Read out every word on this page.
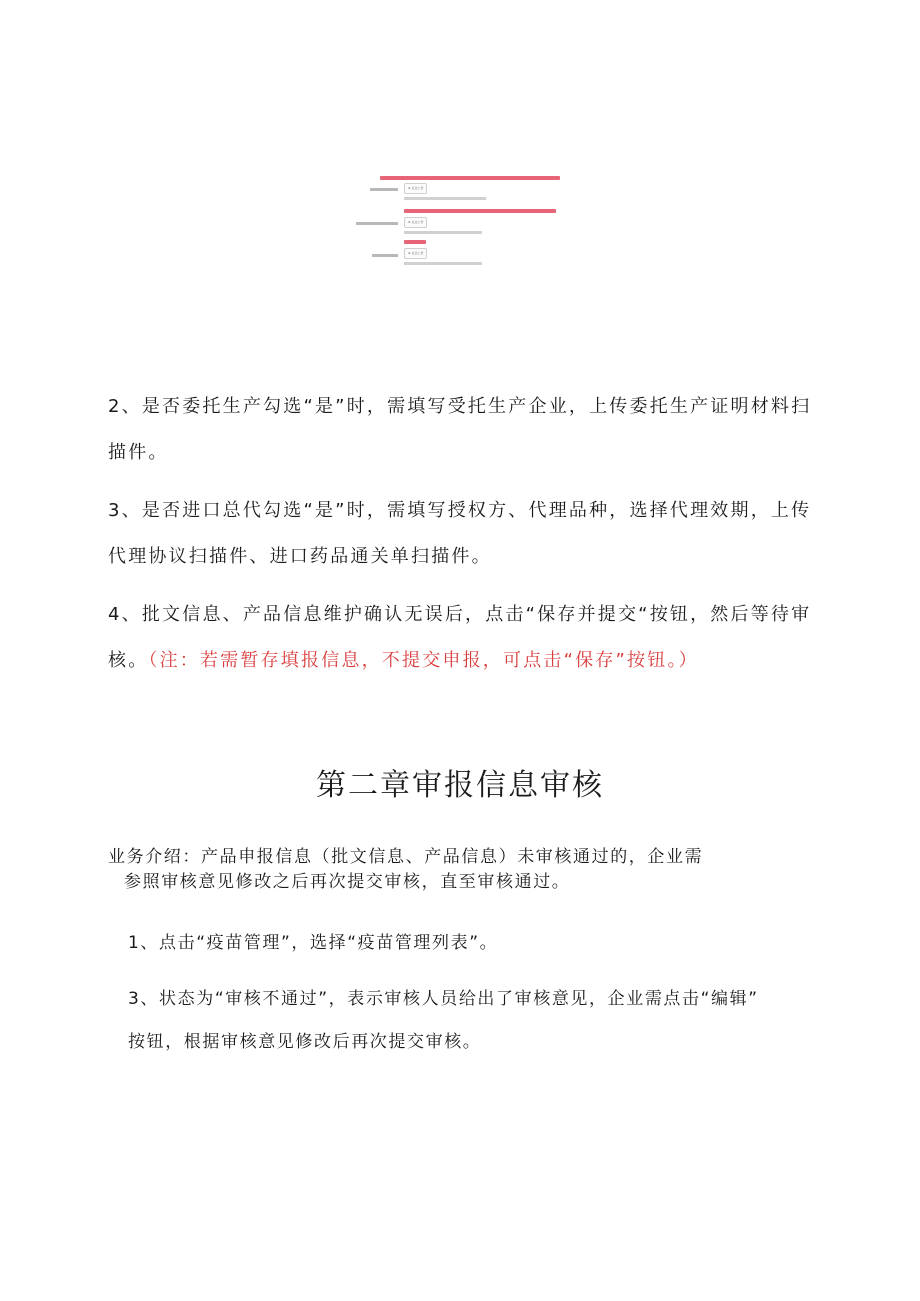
⊕ 点击上传
⊕ 点击上传
⊕ 点击上传
2、是否委托生产勾选“是”时，需填写受托生产企业，上传委托生产证明材料扫
描件。
3、是否进口总代勾选“是”时，需填写授权方、代理品种，选择代理效期，上传
代理协议扫描件、进口药品通关单扫描件。
4、批文信息、产品信息维护确认无误后，点击“保存并提交“按钮，然后等待审
核。（注：若需暂存填报信息，不提交申报，可点击“保存”按钮。）
第二章审报信息审核
业务介绍：产品申报信息（批文信息、产品信息）未审核通过的，企业需
参照审核意见修改之后再次提交审核，直至审核通过。
1、点击“疫苗管理”，选择“疫苗管理列表”。
3、状态为“审核不通过”，表示审核人员给出了审核意见，企业需点击“编辑”
按钮，根据审核意见修改后再次提交审核。
